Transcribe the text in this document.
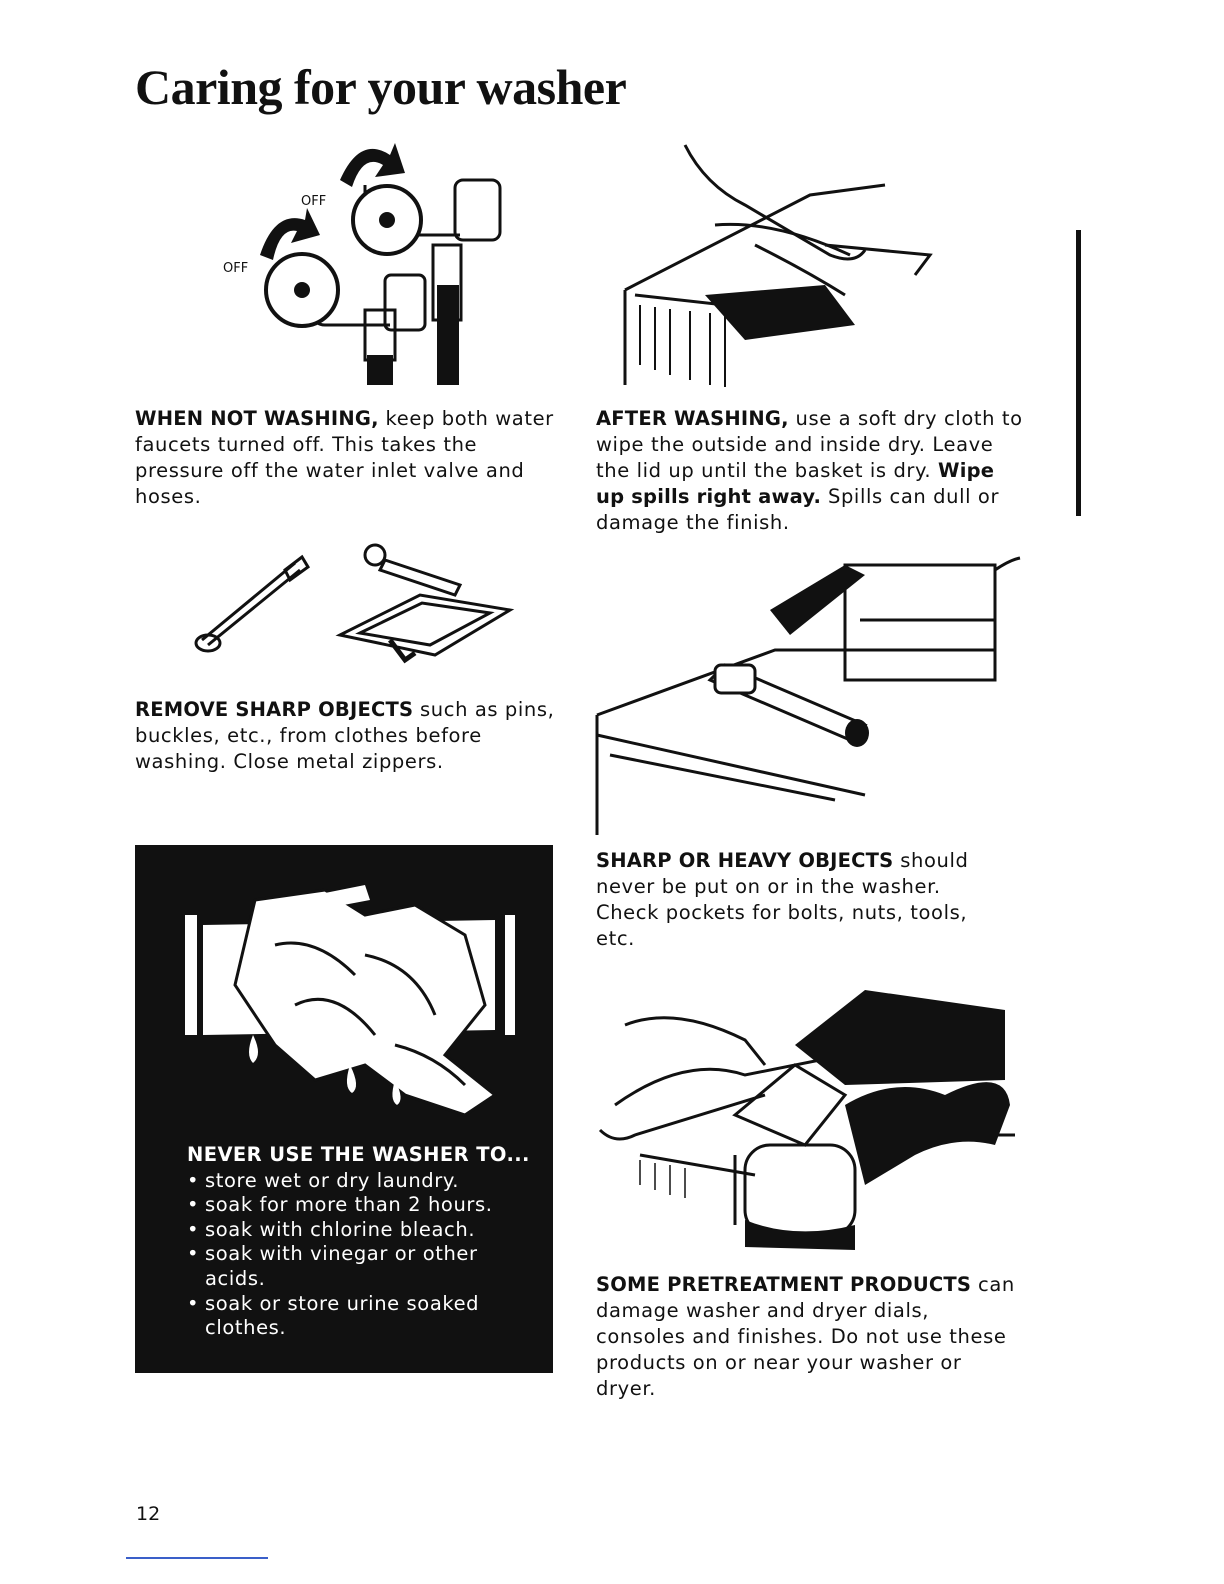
Caring for your washer
OFF
OFF
WHEN NOT WASHING, keep both water faucets turned off. This takes the pressure off the water inlet valve and hoses.
AFTER WASHING, use a soft dry cloth to wipe the outside and inside dry. Leave the lid up until the basket is dry. Wipe up spills right away. Spills can dull or damage the finish.
REMOVE SHARP OBJECTS such as pins, buckles, etc., from clothes before washing. Close metal zippers.
SHARP OR HEAVY OBJECTS should never be put on or in the washer. Check pockets for bolts, nuts, tools, etc.
NEVER USE THE WASHER TO...
• store wet or dry laundry.
• soak for more than 2 hours.
• soak with chlorine bleach.
• soak with vinegar or other acids.
• soak or store urine soaked clothes.
SOME PRETREATMENT PRODUCTS can damage washer and dryer dials, consoles and finishes. Do not use these products on or near your washer or dryer.
12
